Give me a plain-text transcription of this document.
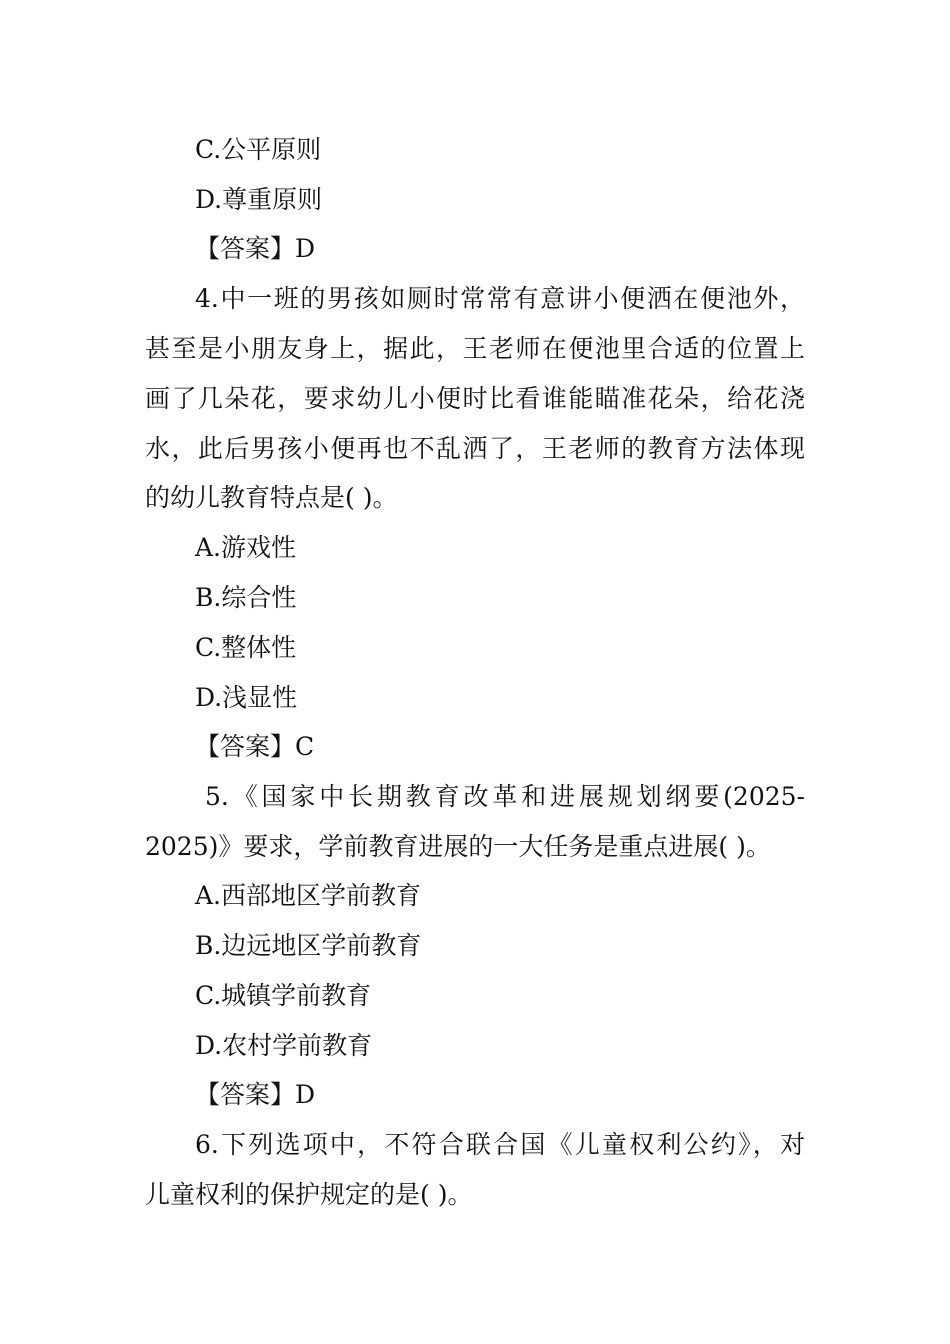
C.公平原则
D.尊重原则
【答案】D
4.中一班的男孩如厕时常常有意讲小便洒在便池外，
甚至是小朋友身上，据此，王老师在便池里合适的位置上
画了几朵花，要求幼儿小便时比看谁能瞄准花朵，给花浇
水，此后男孩小便再也不乱洒了，王老师的教育方法体现
的幼儿教育特点是( )。
A.游戏性
B.综合性
C.整体性
D.浅显性
【答案】C
5.《国家中长期教育改革和进展规划纲要(2025-
2025)》要求，学前教育进展的一大任务是重点进展( )。
A.西部地区学前教育
B.边远地区学前教育
C.城镇学前教育
D.农村学前教育
【答案】D
6.下列选项中，不符合联合国《儿童权利公约》，对
儿童权利的保护规定的是( )。
